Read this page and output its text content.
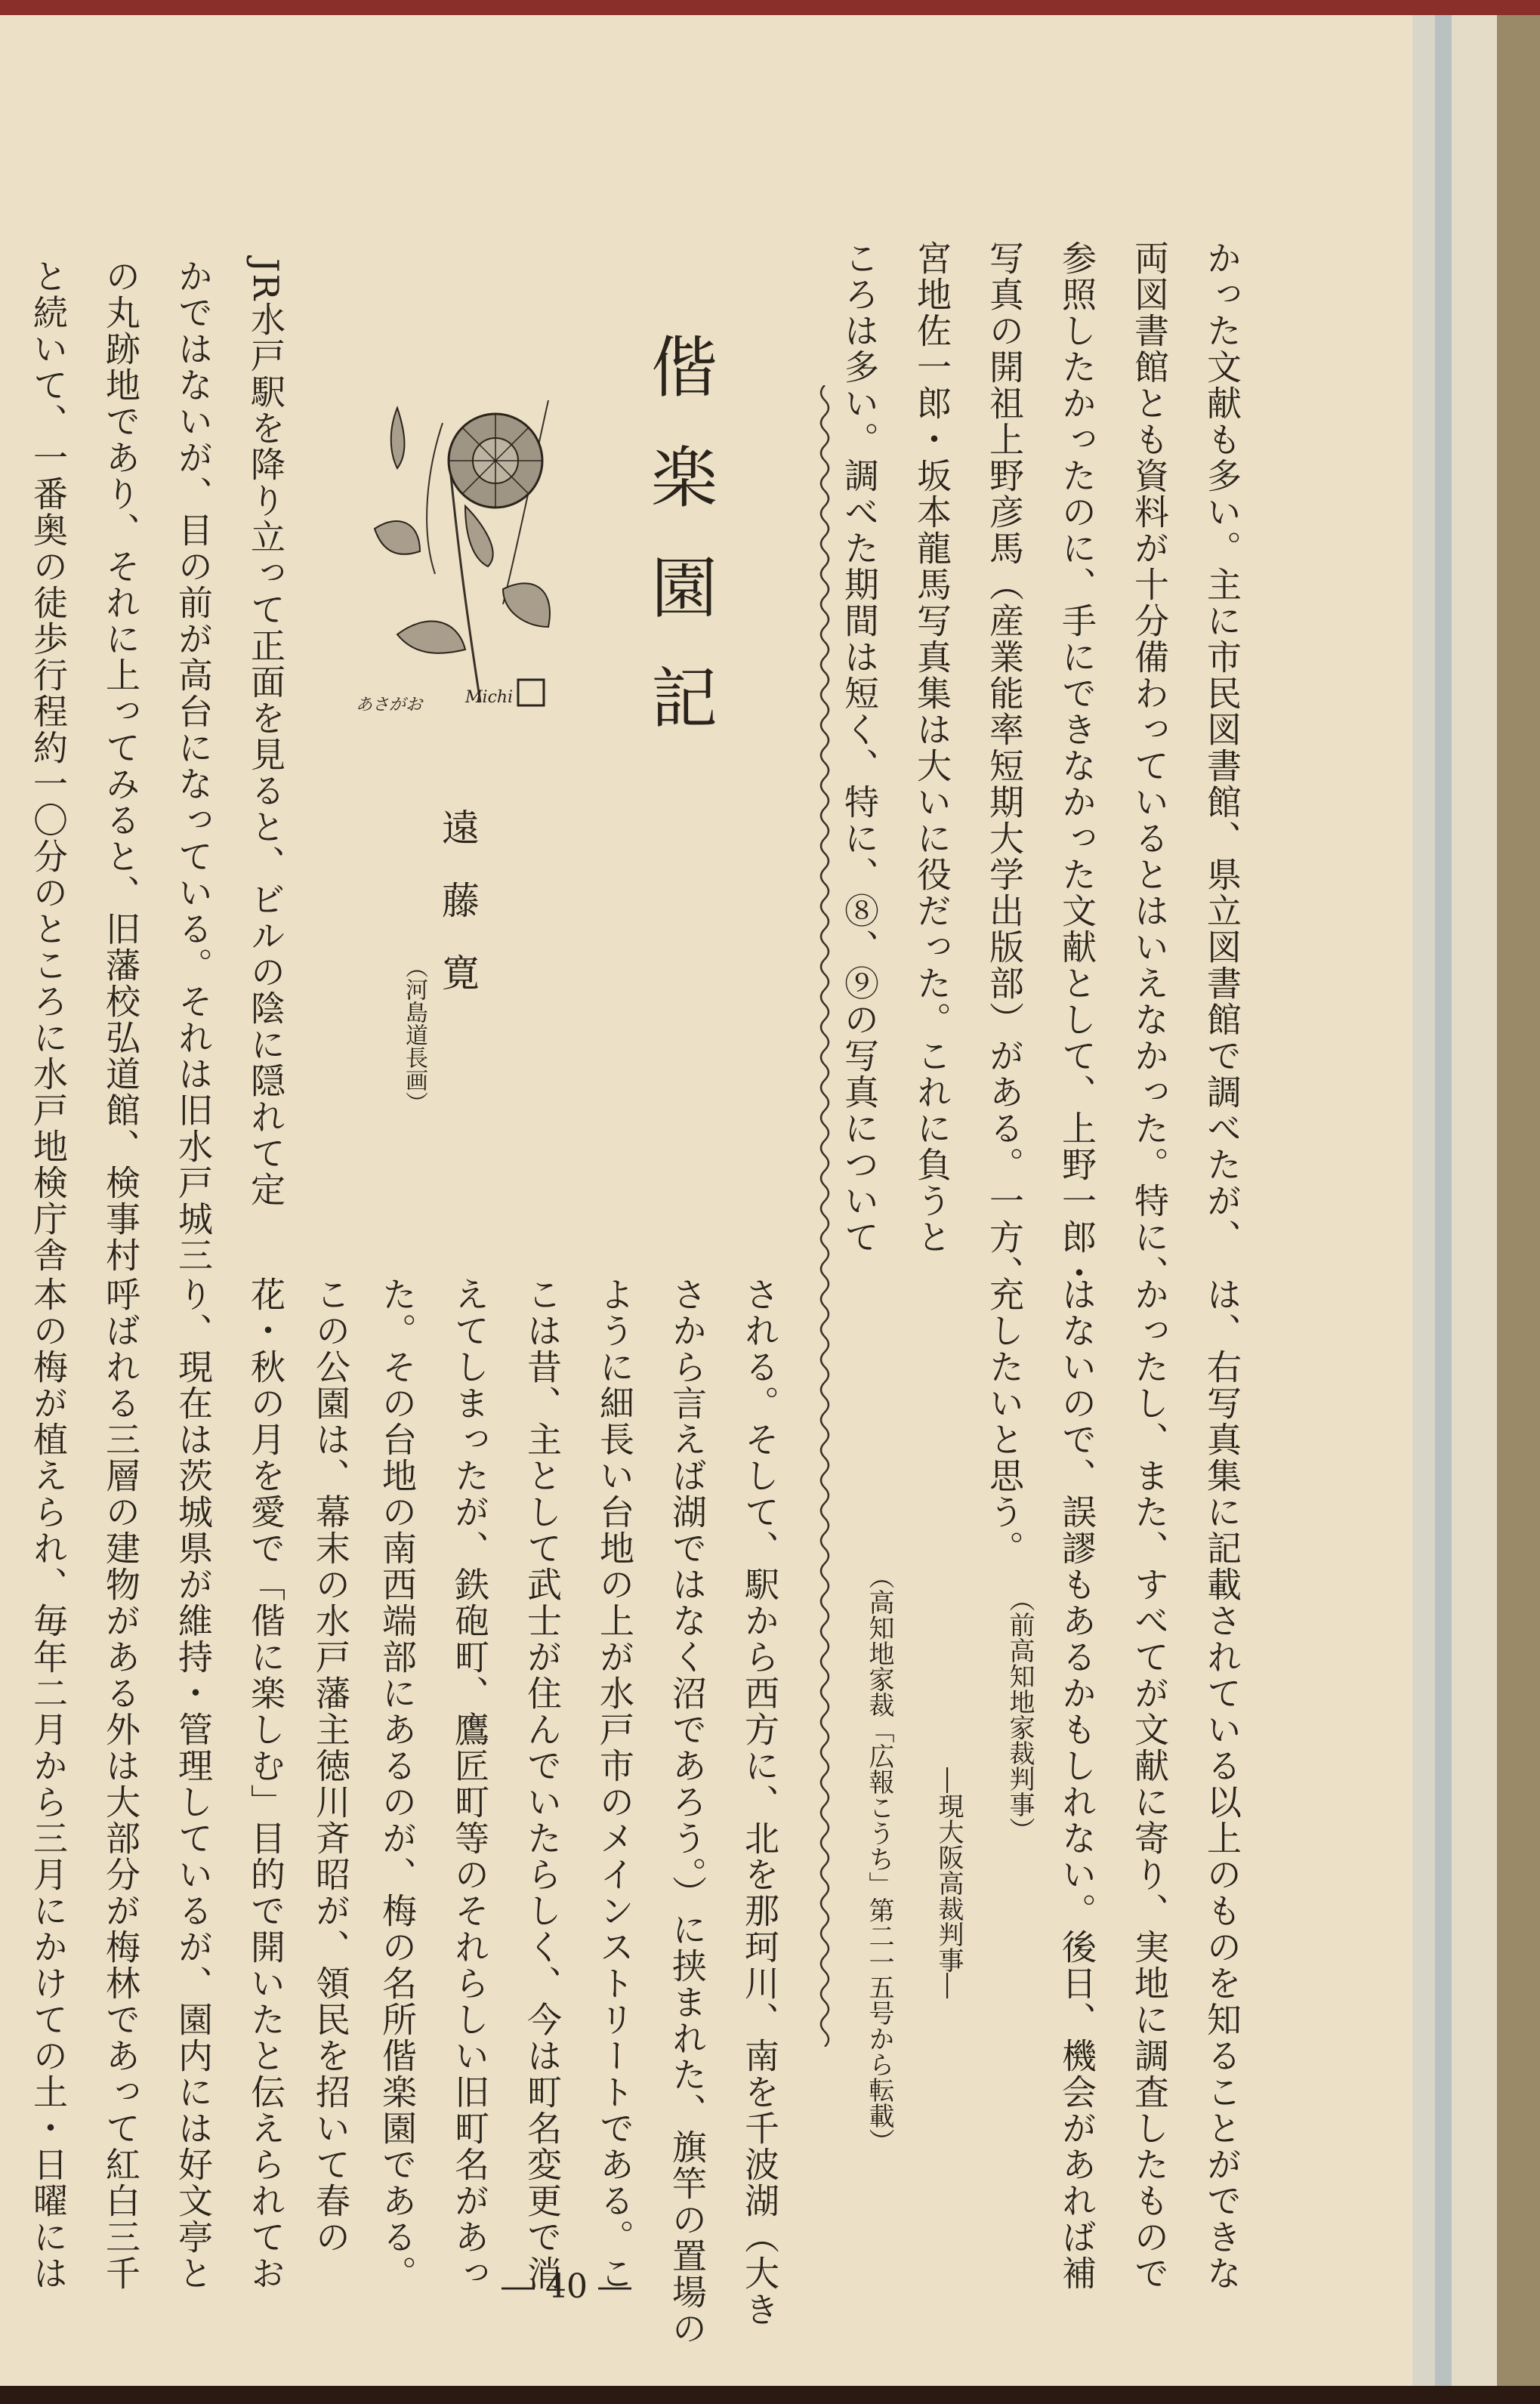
かった文献も多い。主に市民図書館、県立図書館で調べたが、
両図書館とも資料が十分備わっているとはいえなかった。特に、
参照したかったのに、手にできなかった文献として、上野一郎・
写真の開祖上野彦馬（産業能率短期大学出版部）がある。一方、
宮地佐一郎・坂本龍馬写真集は大いに役だった。これに負うと
ころは多い。調べた期間は短く、特に、⑧、⑨の写真について
は、右写真集に記載されている以上のものを知ることができな
かったし、また、すべてが文献に寄り、実地に調査したもので
はないので、誤謬もあるかもしれない。後日、機会があれば補
充したいと思う。
（前高知地家裁判事）
―現大阪高裁判事―
（高知地家裁「広報こうち」第二一五号から転載）
偕楽園記
遠藤寛
（河島道長画）
あさがお	Michi
JR水戸駅を降り立って正面を見ると、ビルの陰に隠れて定
かではないが、目の前が高台になっている。それは旧水戸城三
の丸跡地であり、それに上ってみると、旧藩校弘道館、検事村
と続いて、一番奥の徒歩行程約一〇分のところに水戸地検庁舎
される。そして、駅から西方に、北を那珂川、南を千波湖（大き
さから言えば湖ではなく沼であろう。）に挟まれた、旗竿の置場の
ように細長い台地の上が水戸市のメインストリートである。こ
こは昔、主として武士が住んでいたらしく、今は町名変更で消
えてしまったが、鉄砲町、鷹匠町等のそれらしい旧町名があっ
た。その台地の南西端部にあるのが、梅の名所偕楽園である。
この公園は、幕末の水戸藩主徳川斉昭が、領民を招いて春の
花・秋の月を愛で「偕に楽しむ」目的で開いたと伝えられてお
り、現在は茨城県が維持・管理しているが、園内には好文亭と
呼ばれる三層の建物がある外は大部分が梅林であって紅白三千
本の梅が植えられ、毎年二月から三月にかけての土・日曜には	― 40 ―
